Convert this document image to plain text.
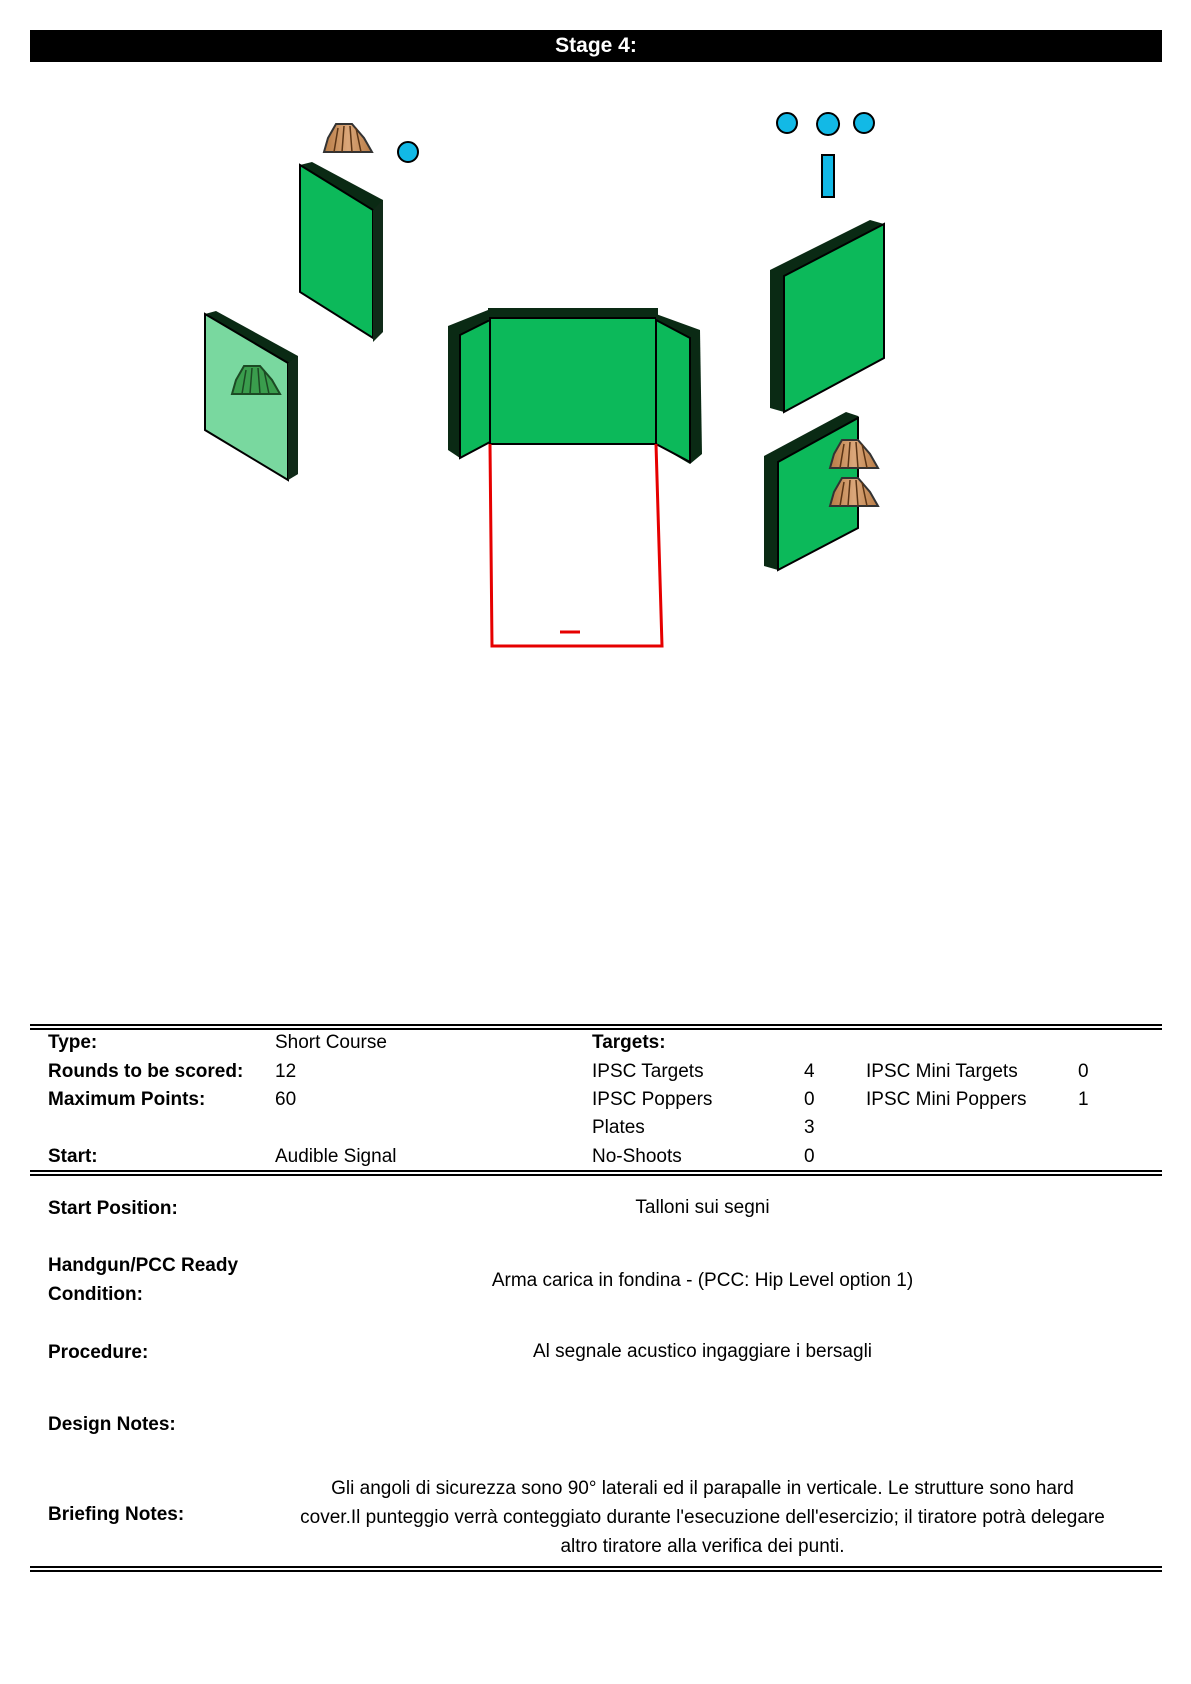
Stage 4:
Type:	Short Course	Targets:
Rounds to be scored: 12	IPSC Targets	4	IPSC Mini Targets	0
Maximum Points:	60	IPSC Poppers	0	IPSC Mini Poppers	1
Plates	3
Start:	Audible Signal	No-Shoots	0
Start Position:	Talloni sui segni
Handgun/PCC Ready
Condition:
Arma carica in fondina - (PCC: Hip Level option 1)
Procedure:	Al segnale acustico ingaggiare i bersagli
Design Notes:
Briefing Notes:
Gli angoli di sicurezza sono 90° laterali ed il parapalle in verticale. Le strutture sono hard cover.Il punteggio verrà conteggiato durante l'esecuzione dell'esercizio; il tiratore potrà delegare altro tiratore alla verifica dei punti.
